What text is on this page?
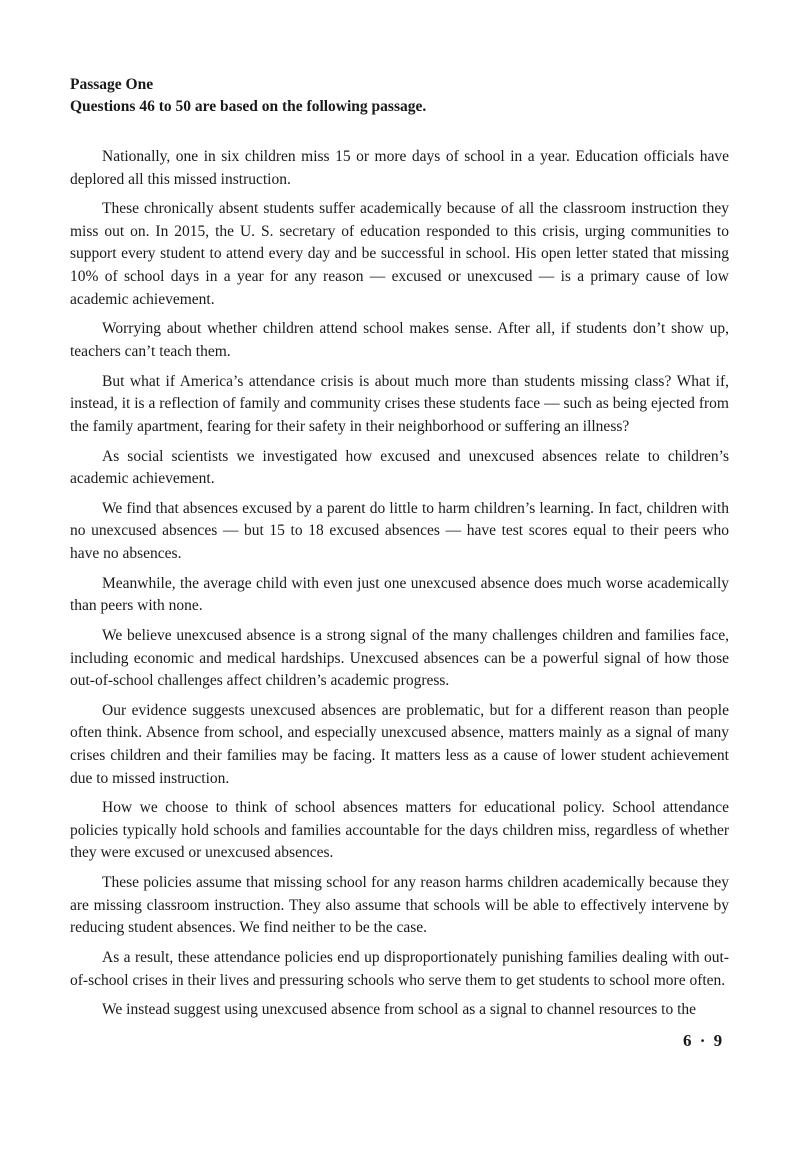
Passage One

Questions 46 to 50 are based on the following passage.

Nationally, one in six children miss 15 or more days of school in a year. Education officials have deplored all this missed instruction.

These chronically absent students suffer academically because of all the classroom instruction they miss out on. In 2015, the U. S. secretary of education responded to this crisis, urging communities to support every student to attend every day and be successful in school. His open letter stated that missing 10% of school days in a year for any reason — excused or unexcused — is a primary cause of low academic achievement.

Worrying about whether children attend school makes sense. After all, if students don’t show up, teachers can’t teach them.

But what if America’s attendance crisis is about much more than students missing class? What if, instead, it is a reflection of family and community crises these students face — such as being ejected from the family apartment, fearing for their safety in their neighborhood or suffering an illness?

As social scientists we investigated how excused and unexcused absences relate to children’s academic achievement.

We find that absences excused by a parent do little to harm children’s learning. In fact, children with no unexcused absences — but 15 to 18 excused absences — have test scores equal to their peers who have no absences.

Meanwhile, the average child with even just one unexcused absence does much worse academically than peers with none.

We believe unexcused absence is a strong signal of the many challenges children and families face, including economic and medical hardships. Unexcused absences can be a powerful signal of how those out-of-school challenges affect children’s academic progress.

Our evidence suggests unexcused absences are problematic, but for a different reason than people often think. Absence from school, and especially unexcused absence, matters mainly as a signal of many crises children and their families may be facing. It matters less as a cause of lower student achievement due to missed instruction.

How we choose to think of school absences matters for educational policy. School attendance policies typically hold schools and families accountable for the days children miss, regardless of whether they were excused or unexcused absences.

These policies assume that missing school for any reason harms children academically because they are missing classroom instruction. They also assume that schools will be able to effectively intervene by reducing student absences. We find neither to be the case.

As a result, these attendance policies end up disproportionately punishing families dealing with out-of-school crises in their lives and pressuring schools who serve them to get students to school more often.

We instead suggest using unexcused absence from school as a signal to channel resources to the

6 · 9
